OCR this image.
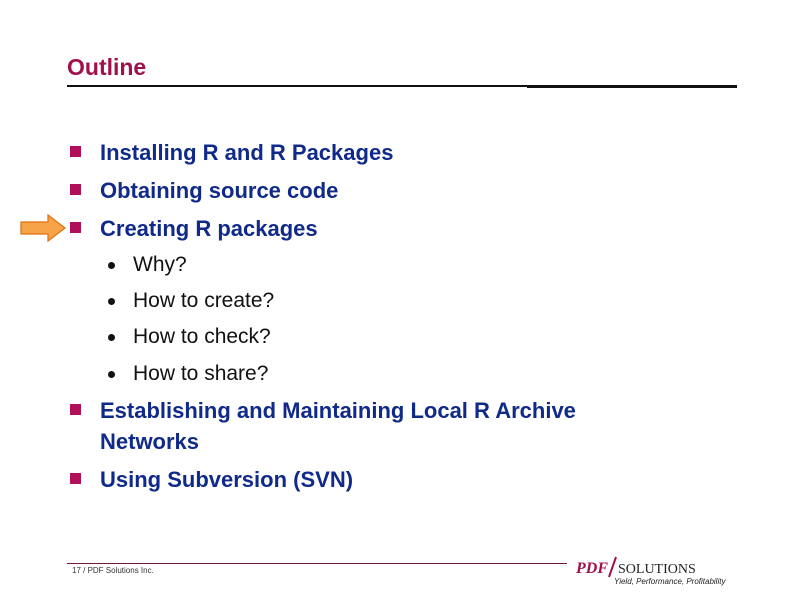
Outline
Installing R and R Packages
Obtaining source code
Creating R packages
Why?
How to create?
How to check?
How to share?
Establishing and Maintaining Local R Archive
Networks
Using Subversion (SVN)
17 / PDF Solutions Inc.	PDF SOLUTIONS
Yield, Performance, Profitability
